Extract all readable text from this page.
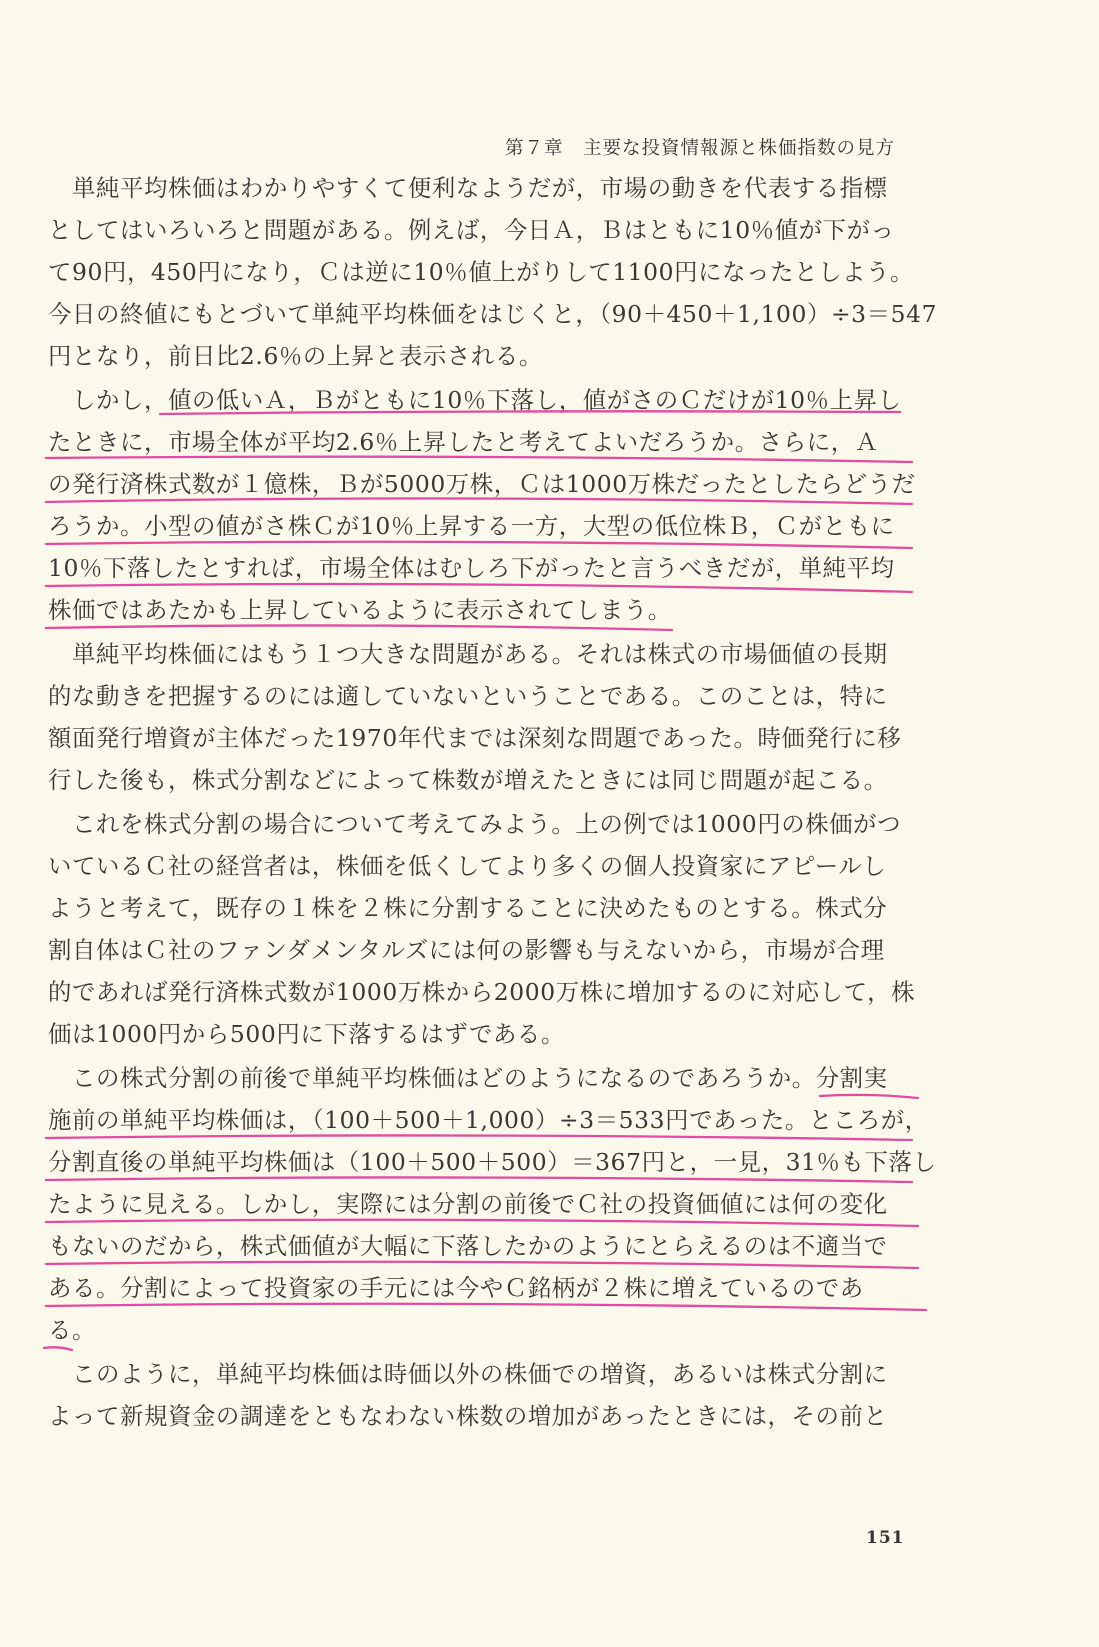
第７章　主要な投資情報源と株価指数の見方
　単純平均株価はわかりやすくて便利なようだが，市場の動きを代表する指標
としてはいろいろと問題がある。例えば，今日Ａ，Ｂはともに10％値が下がっ
て90円，450円になり，Ｃは逆に10％値上がりして1100円になったとしよう。
今日の終値にもとづいて単純平均株価をはじくと，（90＋450＋1,100）÷3＝547
円となり，前日比2.6％の上昇と表示される。
　しかし，値の低いＡ，Ｂがともに10％下落し，値がさのＣだけが10％上昇し
たときに，市場全体が平均2.6％上昇したと考えてよいだろうか。さらに，Ａ
の発行済株式数が１億株，Ｂが5000万株，Ｃは1000万株だったとしたらどうだ
ろうか。小型の値がさ株Ｃが10％上昇する一方，大型の低位株Ｂ，Ｃがともに
10％下落したとすれば，市場全体はむしろ下がったと言うべきだが，単純平均
株価ではあたかも上昇しているように表示されてしまう。
　単純平均株価にはもう１つ大きな問題がある。それは株式の市場価値の長期
的な動きを把握するのには適していないということである。このことは，特に
額面発行増資が主体だった1970年代までは深刻な問題であった。時価発行に移
行した後も，株式分割などによって株数が増えたときには同じ問題が起こる。
　これを株式分割の場合について考えてみよう。上の例では1000円の株価がつ
いているＣ社の経営者は，株価を低くしてより多くの個人投資家にアピールし
ようと考えて，既存の１株を２株に分割することに決めたものとする。株式分
割自体はＣ社のファンダメンタルズには何の影響も与えないから，市場が合理
的であれば発行済株式数が1000万株から2000万株に増加するのに対応して，株
価は1000円から500円に下落するはずである。
　この株式分割の前後で単純平均株価はどのようになるのであろうか。分割実
施前の単純平均株価は，（100＋500＋1,000）÷3＝533円であった。ところが，
分割直後の単純平均株価は（100＋500＋500）＝367円と，一見，31％も下落し
たように見える。しかし，実際には分割の前後でＣ社の投資価値には何の変化
もないのだから，株式価値が大幅に下落したかのようにとらえるのは不適当で
ある。分割によって投資家の手元には今やＣ銘柄が２株に増えているのであ
る。
　このように，単純平均株価は時価以外の株価での増資，あるいは株式分割に
よって新規資金の調達をともなわない株数の増加があったときには，その前と
151
